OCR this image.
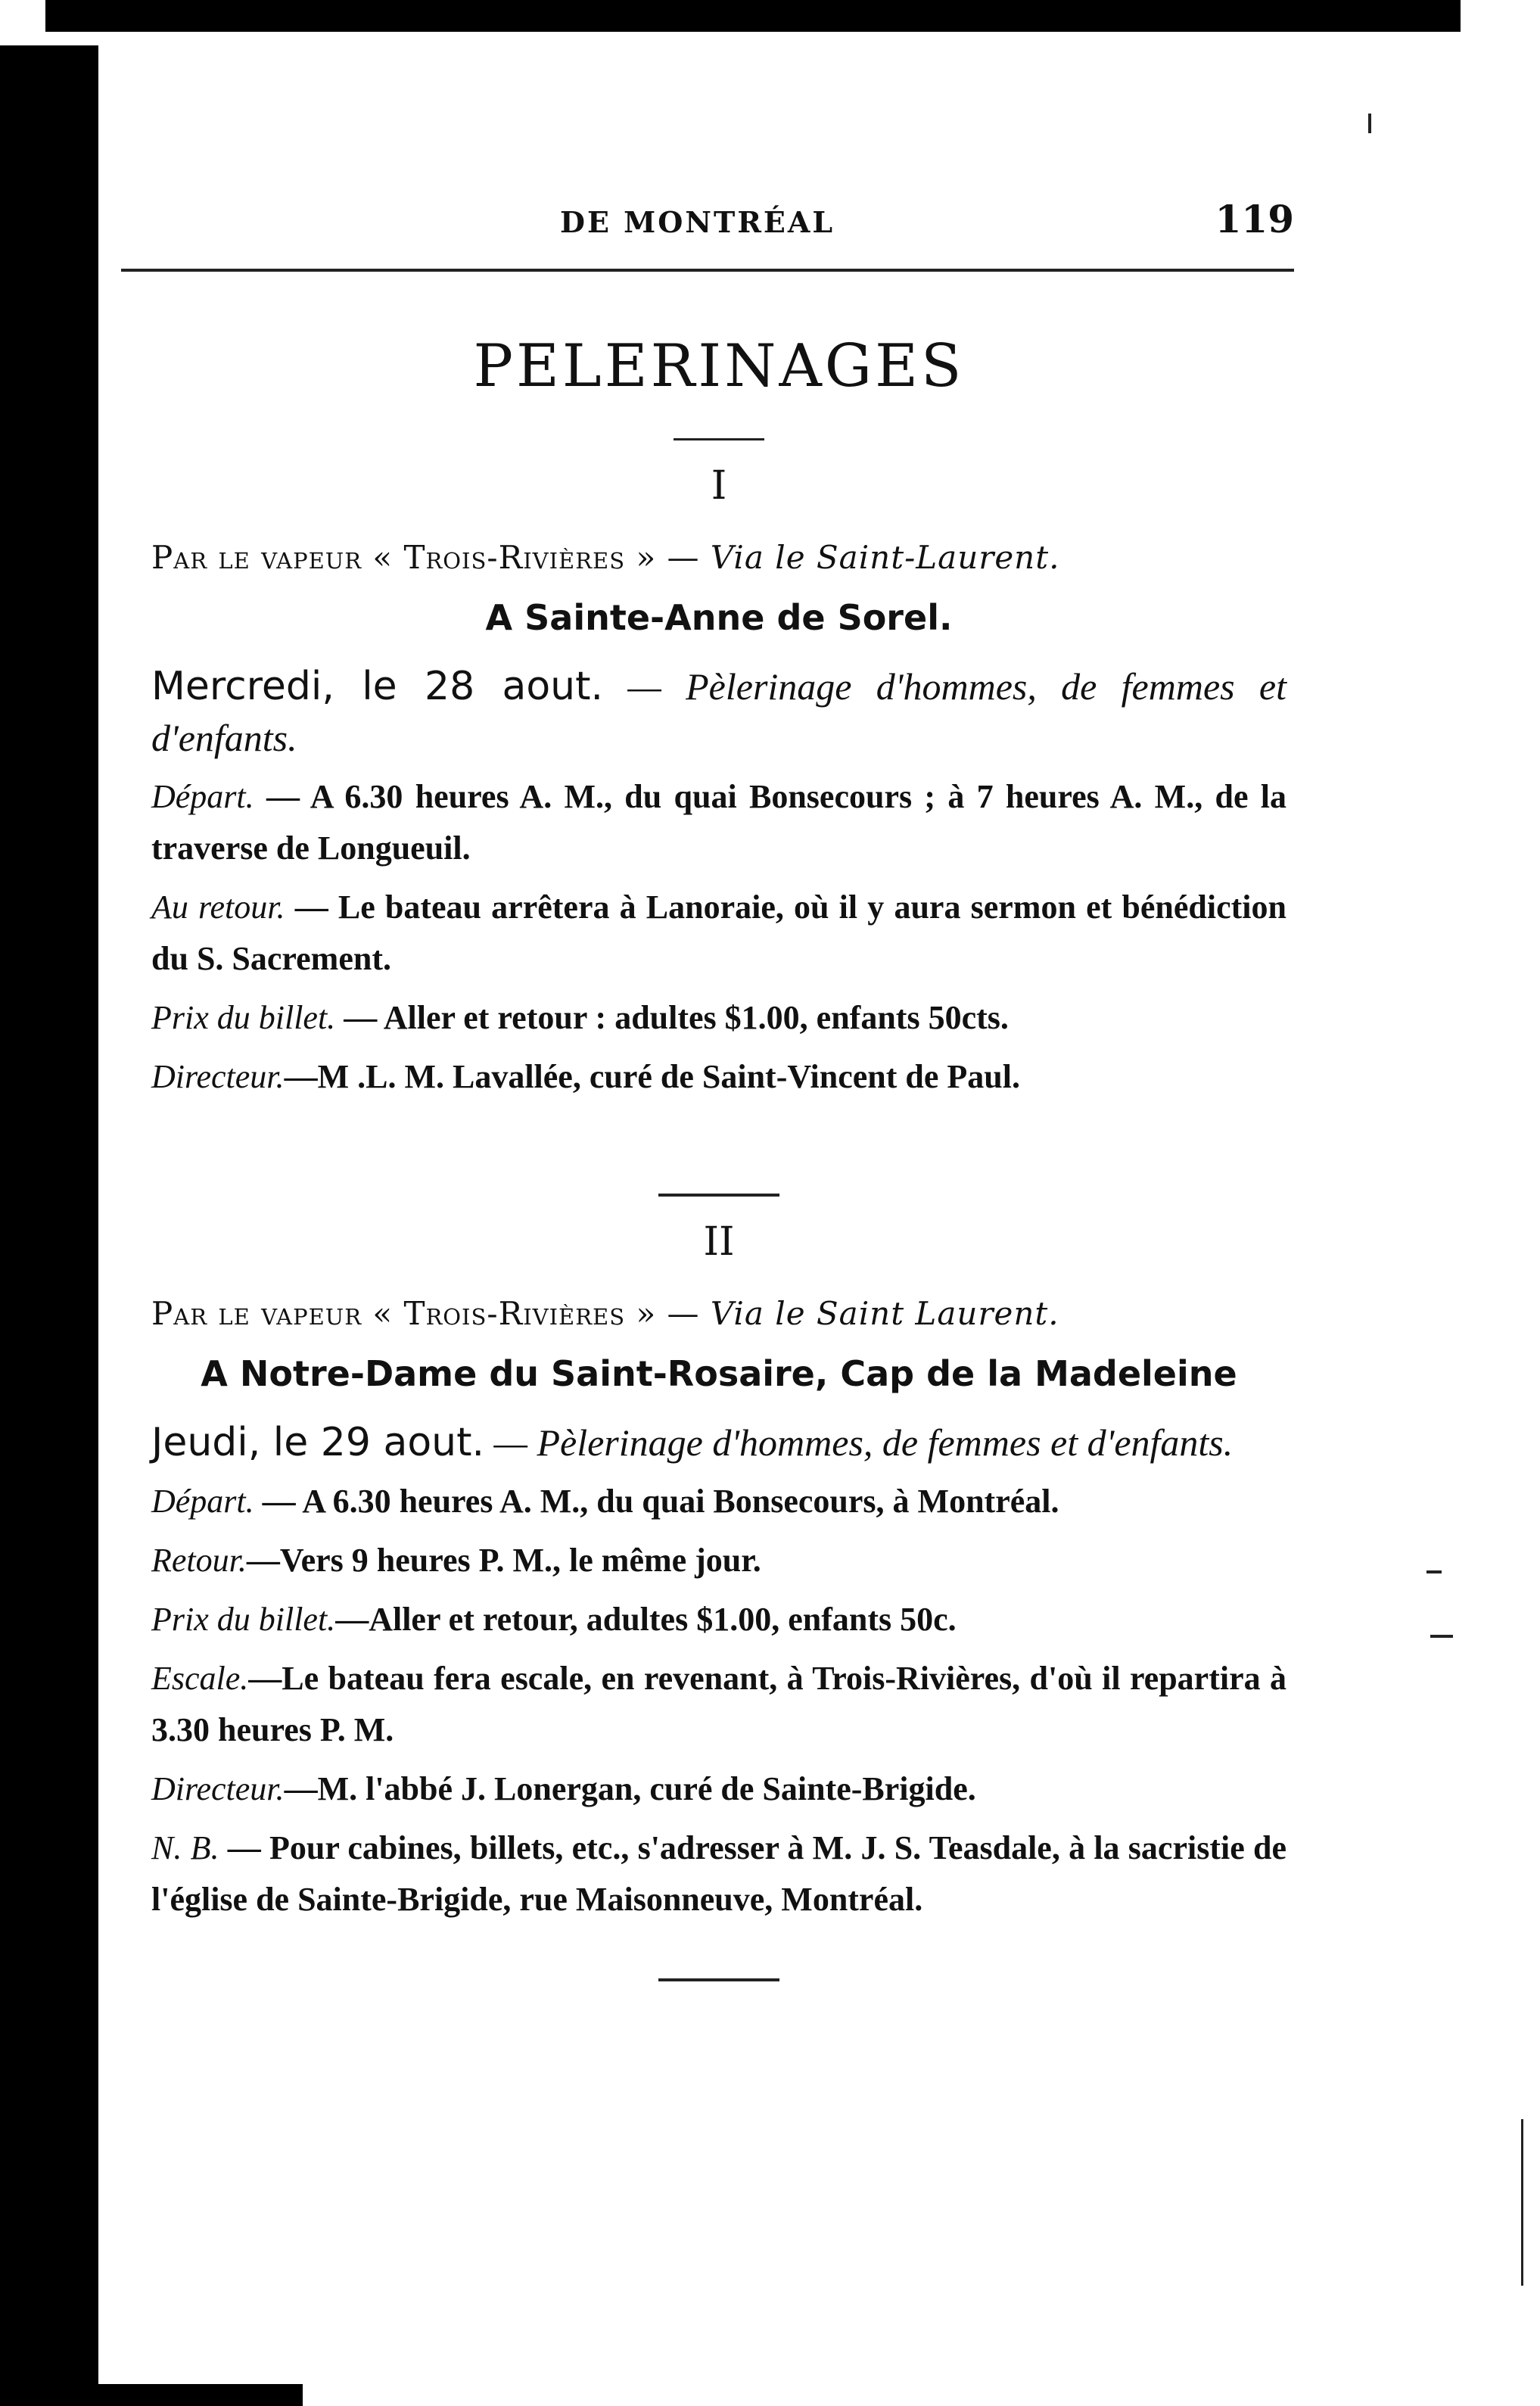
DE MONTRÉAL	119
PELERINAGES
I
Par le vapeur « Trois-Rivières » — Via le Saint-Laurent.
A Sainte-Anne de Sorel.
Mercredi, le 28 aout. — Pèlerinage d'hommes, de femmes et d'enfants.
Départ. — A 6.30 heures A. M., du quai Bonsecours ; à 7 heures A. M., de la traverse de Longueuil.
Au retour. — Le bateau arrêtera à Lanoraie, où il y aura sermon et bénédiction du S. Sacrement.
Prix du billet. — Aller et retour : adultes $1.00, enfants 50cts.
Directeur.—M .L. M. Lavallée, curé de Saint-Vincent de Paul.
II
Par le vapeur « Trois-Rivières » — Via le Saint Laurent.
A Notre-Dame du Saint-Rosaire, Cap de la Madeleine
Jeudi, le 29 aout. — Pèlerinage d'hommes, de femmes et d'enfants.
Départ. — A 6.30 heures A. M., du quai Bonsecours, à Montréal.
Retour.—Vers 9 heures P. M., le même jour.
Prix du billet.—Aller et retour, adultes $1.00, enfants 50c.
Escale.—Le bateau fera escale, en revenant, à Trois-Rivières, d'où il repartira à 3.30 heures P. M.
Directeur.—M. l'abbé J. Lonergan, curé de Sainte-Brigide.
N. B. — Pour cabines, billets, etc., s'adresser à M. J. S. Teasdale, à la sacristie de l'église de Sainte-Brigide, rue Maisonneuve, Montréal.
